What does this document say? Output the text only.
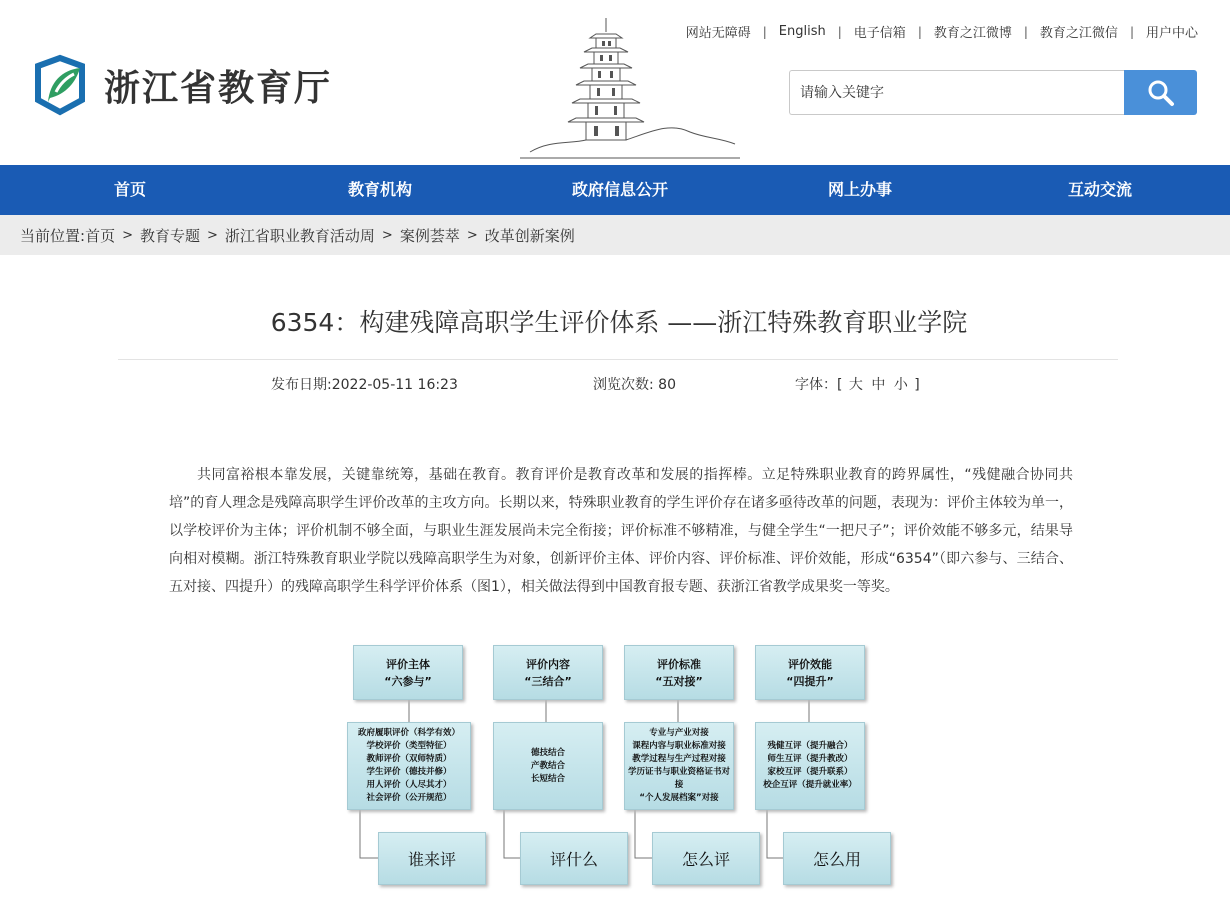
浙江省教育厅
网站无障碍	| English	| 电子信箱	| 教育之江微博	| 教育之江微信	| 用户中心
请输入关键字
首页	教育机构	政府信息公开	网上办事	互动交流
当前位置: 首页 > 教育专题 > 浙江省职业教育活动周 > 案例荟萃 > 改革创新案例
6354：构建残障高职学生评价体系 ——浙江特殊教育职业学院
发布日期:2022-05-11 16:23	浏览次数: 80	字体：[ 大 中 小 ]

共同富裕根本靠发展，关键靠统筹，基础在教育。教育评价是教育改革和发展的指挥棒。立足特殊职业教育的跨界属性，“残健融合协同共培”的育人理念是残障高职学生评价改革的主攻方向。长期以来，特殊职业教育的学生评价存在诸多亟待改革的问题，表现为：评价主体较为单一，以学校评价为主体；评价机制不够全面，与职业生涯发展尚未完全衔接；评价标准不够精准，与健全学生“一把尺子”；评价效能不够多元，结果导向相对模糊。浙江特殊教育职业学院以残障高职学生为对象，创新评价主体、评价内容、评价标准、评价效能，形成“6354”（即六参与、三结合、五对接、四提升）的残障高职学生科学评价体系（图1），相关做法得到中国教育报专题、获浙江省教学成果奖一等奖。

评价主体
“六参与”
政府履职评价（科学有效）
学校评价（类型特征）
教师评价（双师特质）
学生评价（德技并修）
用人评价（人尽其才）
社会评价（公开规范）
谁来评
评价内容
“三结合”
德技结合
产教结合
长短结合
评什么
评价标准
“五对接”
专业与产业对接
课程内容与职业标准对接
教学过程与生产过程对接
学历证书与职业资格证书对接
“个人发展档案”对接
怎么评
评价效能
“四提升”
残健互评（提升融合）
师生互评（提升教改）
家校互评（提升联系）
校企互评（提升就业率）
怎么用
